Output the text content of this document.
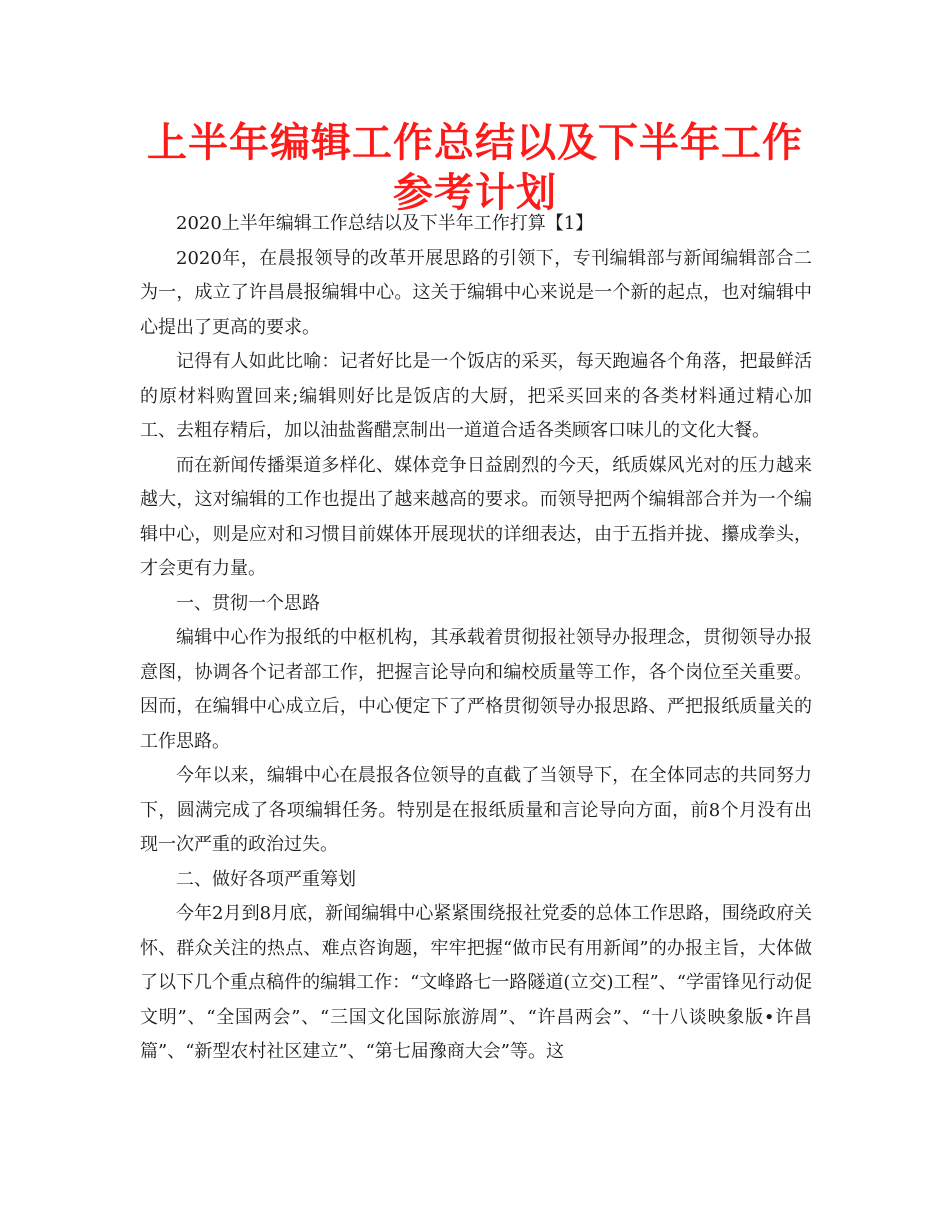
上半年编辑工作总结以及下半年工作参考计划

2020上半年编辑工作总结以及下半年工作打算【1】

2020年，在晨报领导的改革开展思路的引领下，专刊编辑部与新闻编辑部合二为一，成立了许昌晨报编辑中心。这关于编辑中心来说是一个新的起点，也对编辑中心提出了更高的要求。

记得有人如此比喻：记者好比是一个饭店的采买，每天跑遍各个角落，把最鲜活的原材料购置回来;编辑则好比是饭店的大厨，把采买回来的各类材料通过精心加工、去粗存精后，加以油盐酱醋烹制出一道道合适各类顾客口味儿的文化大餐。

而在新闻传播渠道多样化、媒体竞争日益剧烈的今天，纸质媒风光对的压力越来越大，这对编辑的工作也提出了越来越高的要求。而领导把两个编辑部合并为一个编辑中心，则是应对和习惯目前媒体开展现状的详细表达，由于五指并拢、攥成拳头，才会更有力量。

一、贯彻一个思路

编辑中心作为报纸的中枢机构，其承载着贯彻报社领导办报理念，贯彻领导办报意图，协调各个记者部工作，把握言论导向和编校质量等工作，各个岗位至关重要。因而，在编辑中心成立后，中心便定下了严格贯彻领导办报思路、严把报纸质量关的工作思路。

今年以来，编辑中心在晨报各位领导的直截了当领导下，在全体同志的共同努力下，圆满完成了各项编辑任务。特别是在报纸质量和言论导向方面，前8个月没有出现一次严重的政治过失。

二、做好各项严重筹划

今年2月到8月底，新闻编辑中心紧紧围绕报社党委的总体工作思路，围绕政府关怀、群众关注的热点、难点咨询题，牢牢把握“做市民有用新闻”的办报主旨，大体做了以下几个重点稿件的编辑工作：“文峰路七一路隧道(立交)工程”、“学雷锋见行动促文明”、“全国两会”、“三国文化国际旅游周”、“许昌两会”、“十八谈映象版•许昌篇”、“新型农村社区建立”、“第七届豫商大会”等。这
